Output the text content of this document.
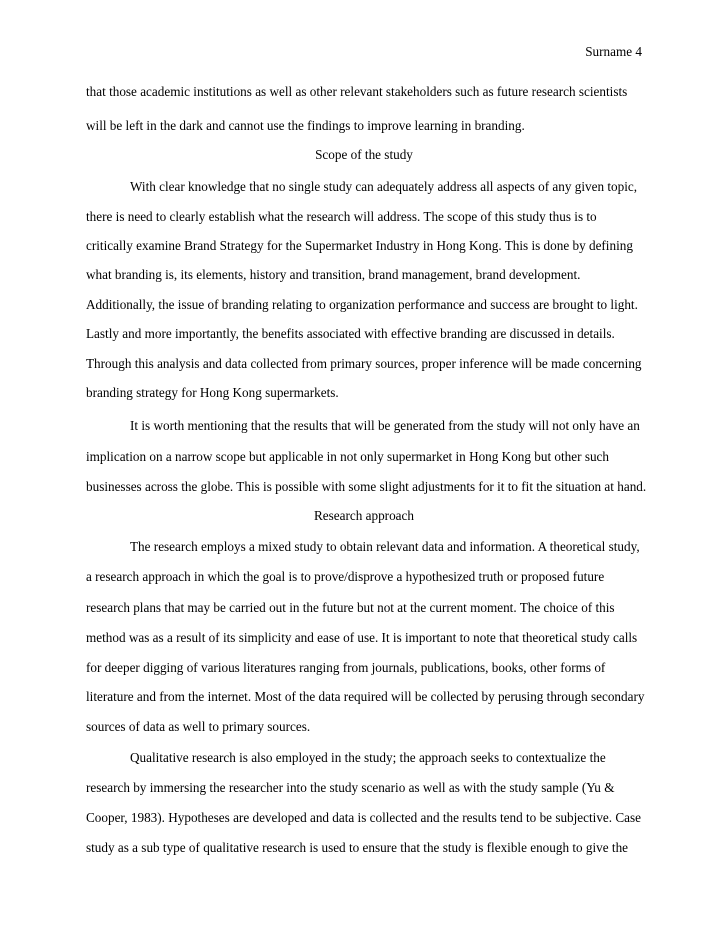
Surname 4
that those academic institutions as well as other relevant stakeholders such as future research scientists
will be left in the dark and cannot use the findings to improve learning in branding.
Scope of the study
With clear knowledge that no single study can adequately address all aspects of any given topic,
there is need to clearly establish what the research will address. The scope of this study thus is to
critically examine Brand Strategy for the Supermarket Industry in Hong Kong. This is done by defining
what branding is, its elements, history and transition, brand management, brand development.
Additionally, the issue of branding relating to organization performance and success are brought to light.
Lastly and more importantly, the benefits associated with effective branding are discussed in details.
Through this analysis and data collected from primary sources, proper inference will be made concerning
branding strategy for Hong Kong supermarkets.
It is worth mentioning that the results that will be generated from the study will not only have an
implication on a narrow scope but applicable in not only supermarket in Hong Kong but other such
businesses across the globe. This is possible with some slight adjustments for it to fit the situation at hand.
Research approach
The research employs a mixed study to obtain relevant data and information. A theoretical study,
a research approach in which the goal is to prove/disprove a hypothesized truth or proposed future
research plans that may be carried out in the future but not at the current moment. The choice of this
method was as a result of its simplicity and ease of use. It is important to note that theoretical study calls
for deeper digging of various literatures ranging from journals, publications, books, other forms of
literature and from the internet. Most of the data required will be collected by perusing through secondary
sources of data as well to primary sources.
Qualitative research is also employed in the study; the approach seeks to contextualize the
research by immersing the researcher into the study scenario as well as with the study sample (Yu &
Cooper, 1983). Hypotheses are developed and data is collected and the results tend to be subjective. Case
study as a sub type of qualitative research is used to ensure that the study is flexible enough to give the
